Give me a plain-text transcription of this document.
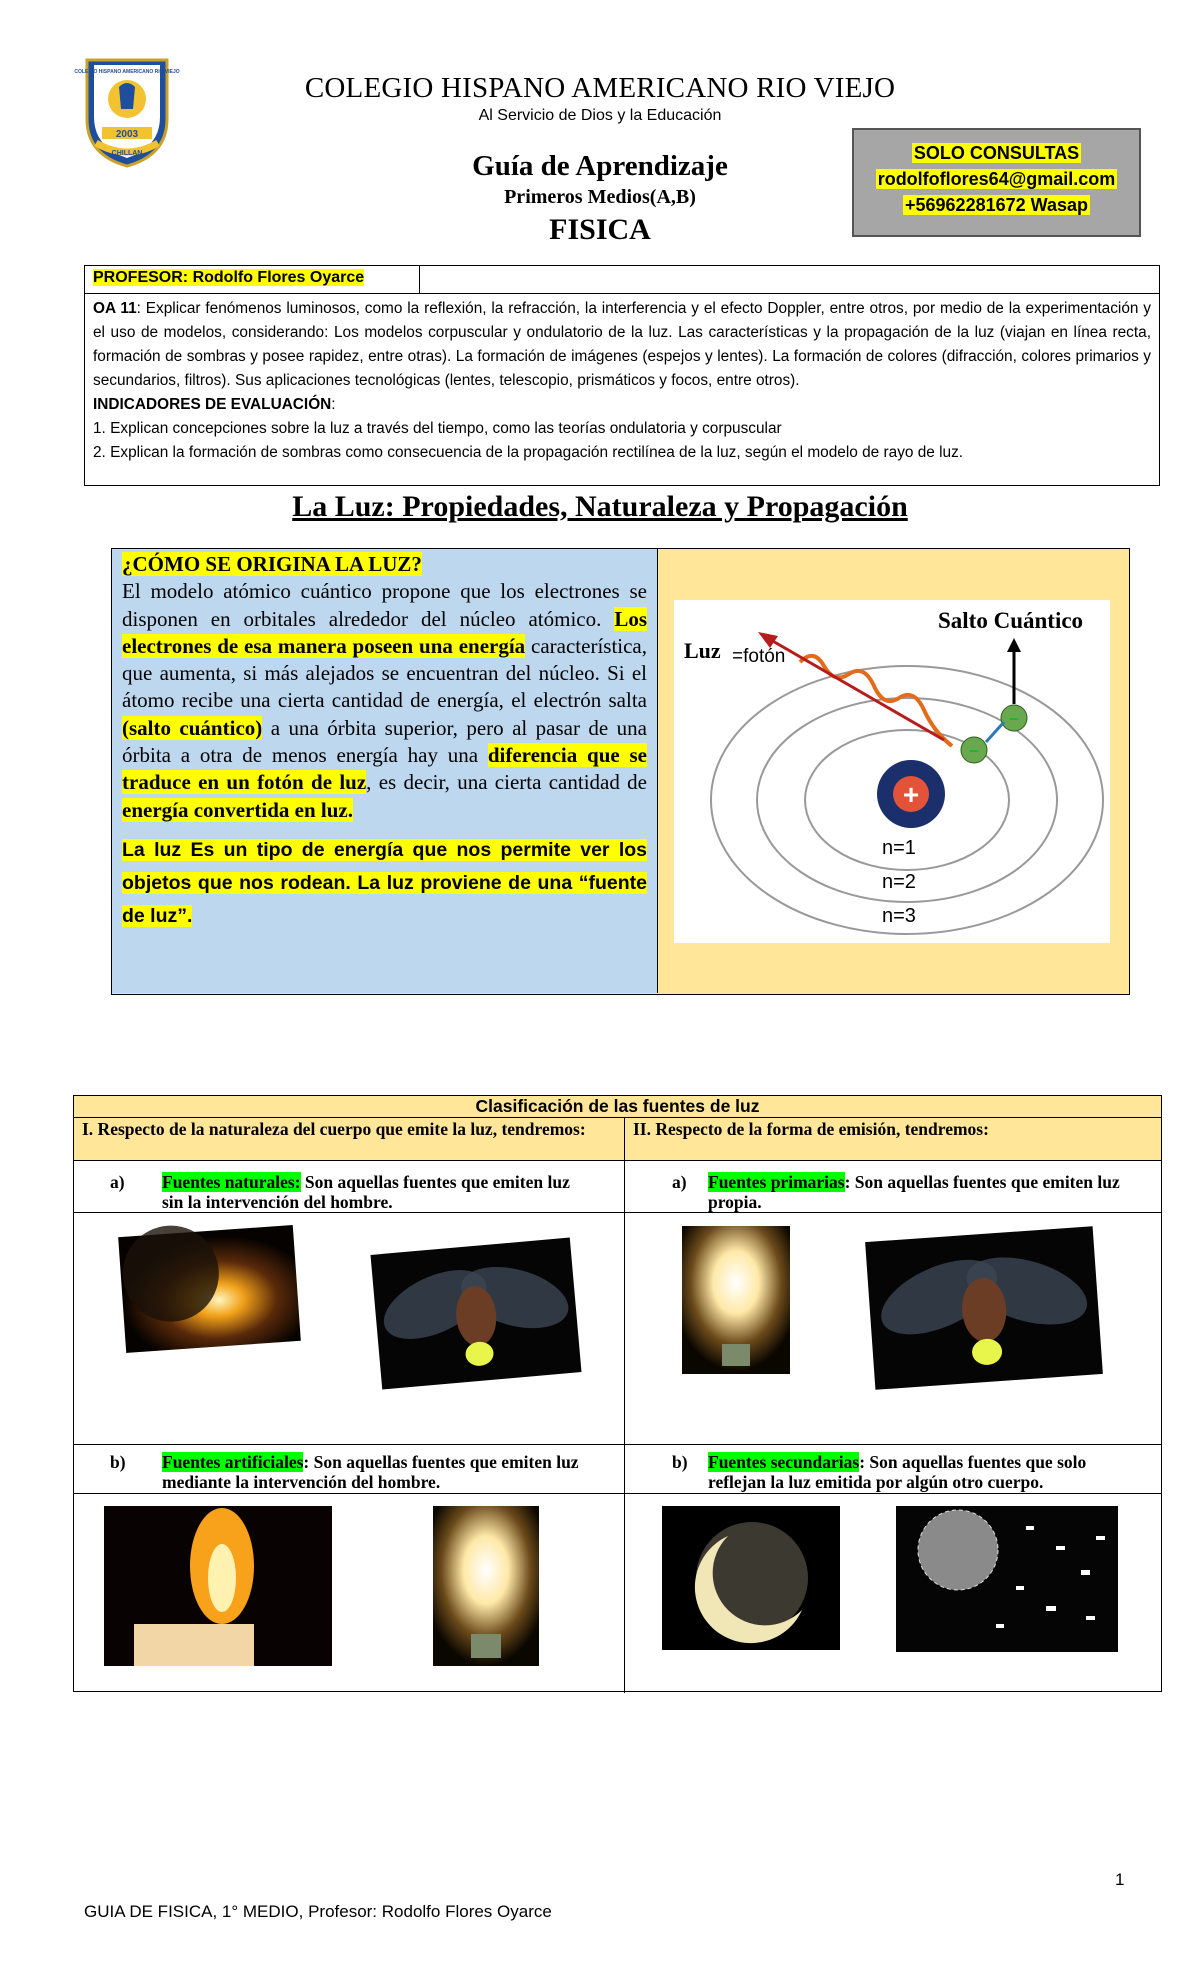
COLEGIO HISPANO AMERICANO RIO VIEJO
2003
CHILLAN
COLEGIO HISPANO AMERICANO RIO VIEJO
Al Servicio de Dios y la Educación
Guía de Aprendizaje
Primeros Medios(A,B)
FISICA
SOLO CONSULTAS
rodolfoflores64@gmail.com
+56962281672 Wasap
PROFESOR: Rodolfo Flores Oyarce
OA 11: Explicar fenómenos luminosos, como la reflexión, la refracción, la interferencia y el efecto Doppler, entre otros, por medio de la experimentación y el uso de modelos, considerando: Los modelos corpuscular y ondulatorio de la luz. Las características y la propagación de la luz (viajan en línea recta, formación de sombras y posee rapidez, entre otras). La formación de imágenes (espejos y lentes). La formación de colores (difracción, colores primarios y secundarios, filtros). Sus aplicaciones tecnológicas (lentes, telescopio, prismáticos y focos, entre otros).
INDICADORES DE EVALUACIÓN:
1. Explican concepciones sobre la luz a través del tiempo, como las teorías ondulatoria y corpuscular
2. Explican la formación de sombras como consecuencia de la propagación rectilínea de la luz, según el modelo de rayo de luz.
La Luz: Propiedades, Naturaleza y Propagación
¿CÓMO SE ORIGINA LA LUZ?
El modelo atómico cuántico propone que los electrones se disponen en orbitales alrededor del núcleo atómico. Los electrones de esa manera poseen una energía característica, que aumenta, si más alejados se encuentran del núcleo. Si el átomo recibe una cierta cantidad de energía, el electrón salta (salto cuántico) a una órbita superior, pero al pasar de una órbita a otra de menos energía hay una diferencia que se traduce en un fotón de luz, es decir, una cierta cantidad de energía convertida en luz.
La luz Es un tipo de energía que nos permite ver los objetos que nos rodean. La luz proviene de una “fuente de luz”.
+
–
–
Salto Cuántico
Luz =fotón
n=1
n=2
n=3
Clasificación de las fuentes de luz
I. Respecto de la naturaleza del cuerpo que emite la luz, tendremos:	II. Respecto de la forma de emisión, tendremos:
a) Fuentes naturales: Son aquellas fuentes que emiten luz sin la intervención del hombre.
a) Fuentes primarias: Son aquellas fuentes que emiten luz propia.
b) Fuentes artificiales: Son aquellas fuentes que emiten luz mediante la intervención del hombre.
b) Fuentes secundarias: Son aquellas fuentes que solo reflejan la luz emitida por algún otro cuerpo.
1
GUIA DE FISICA, 1° MEDIO, Profesor: Rodolfo Flores Oyarce
